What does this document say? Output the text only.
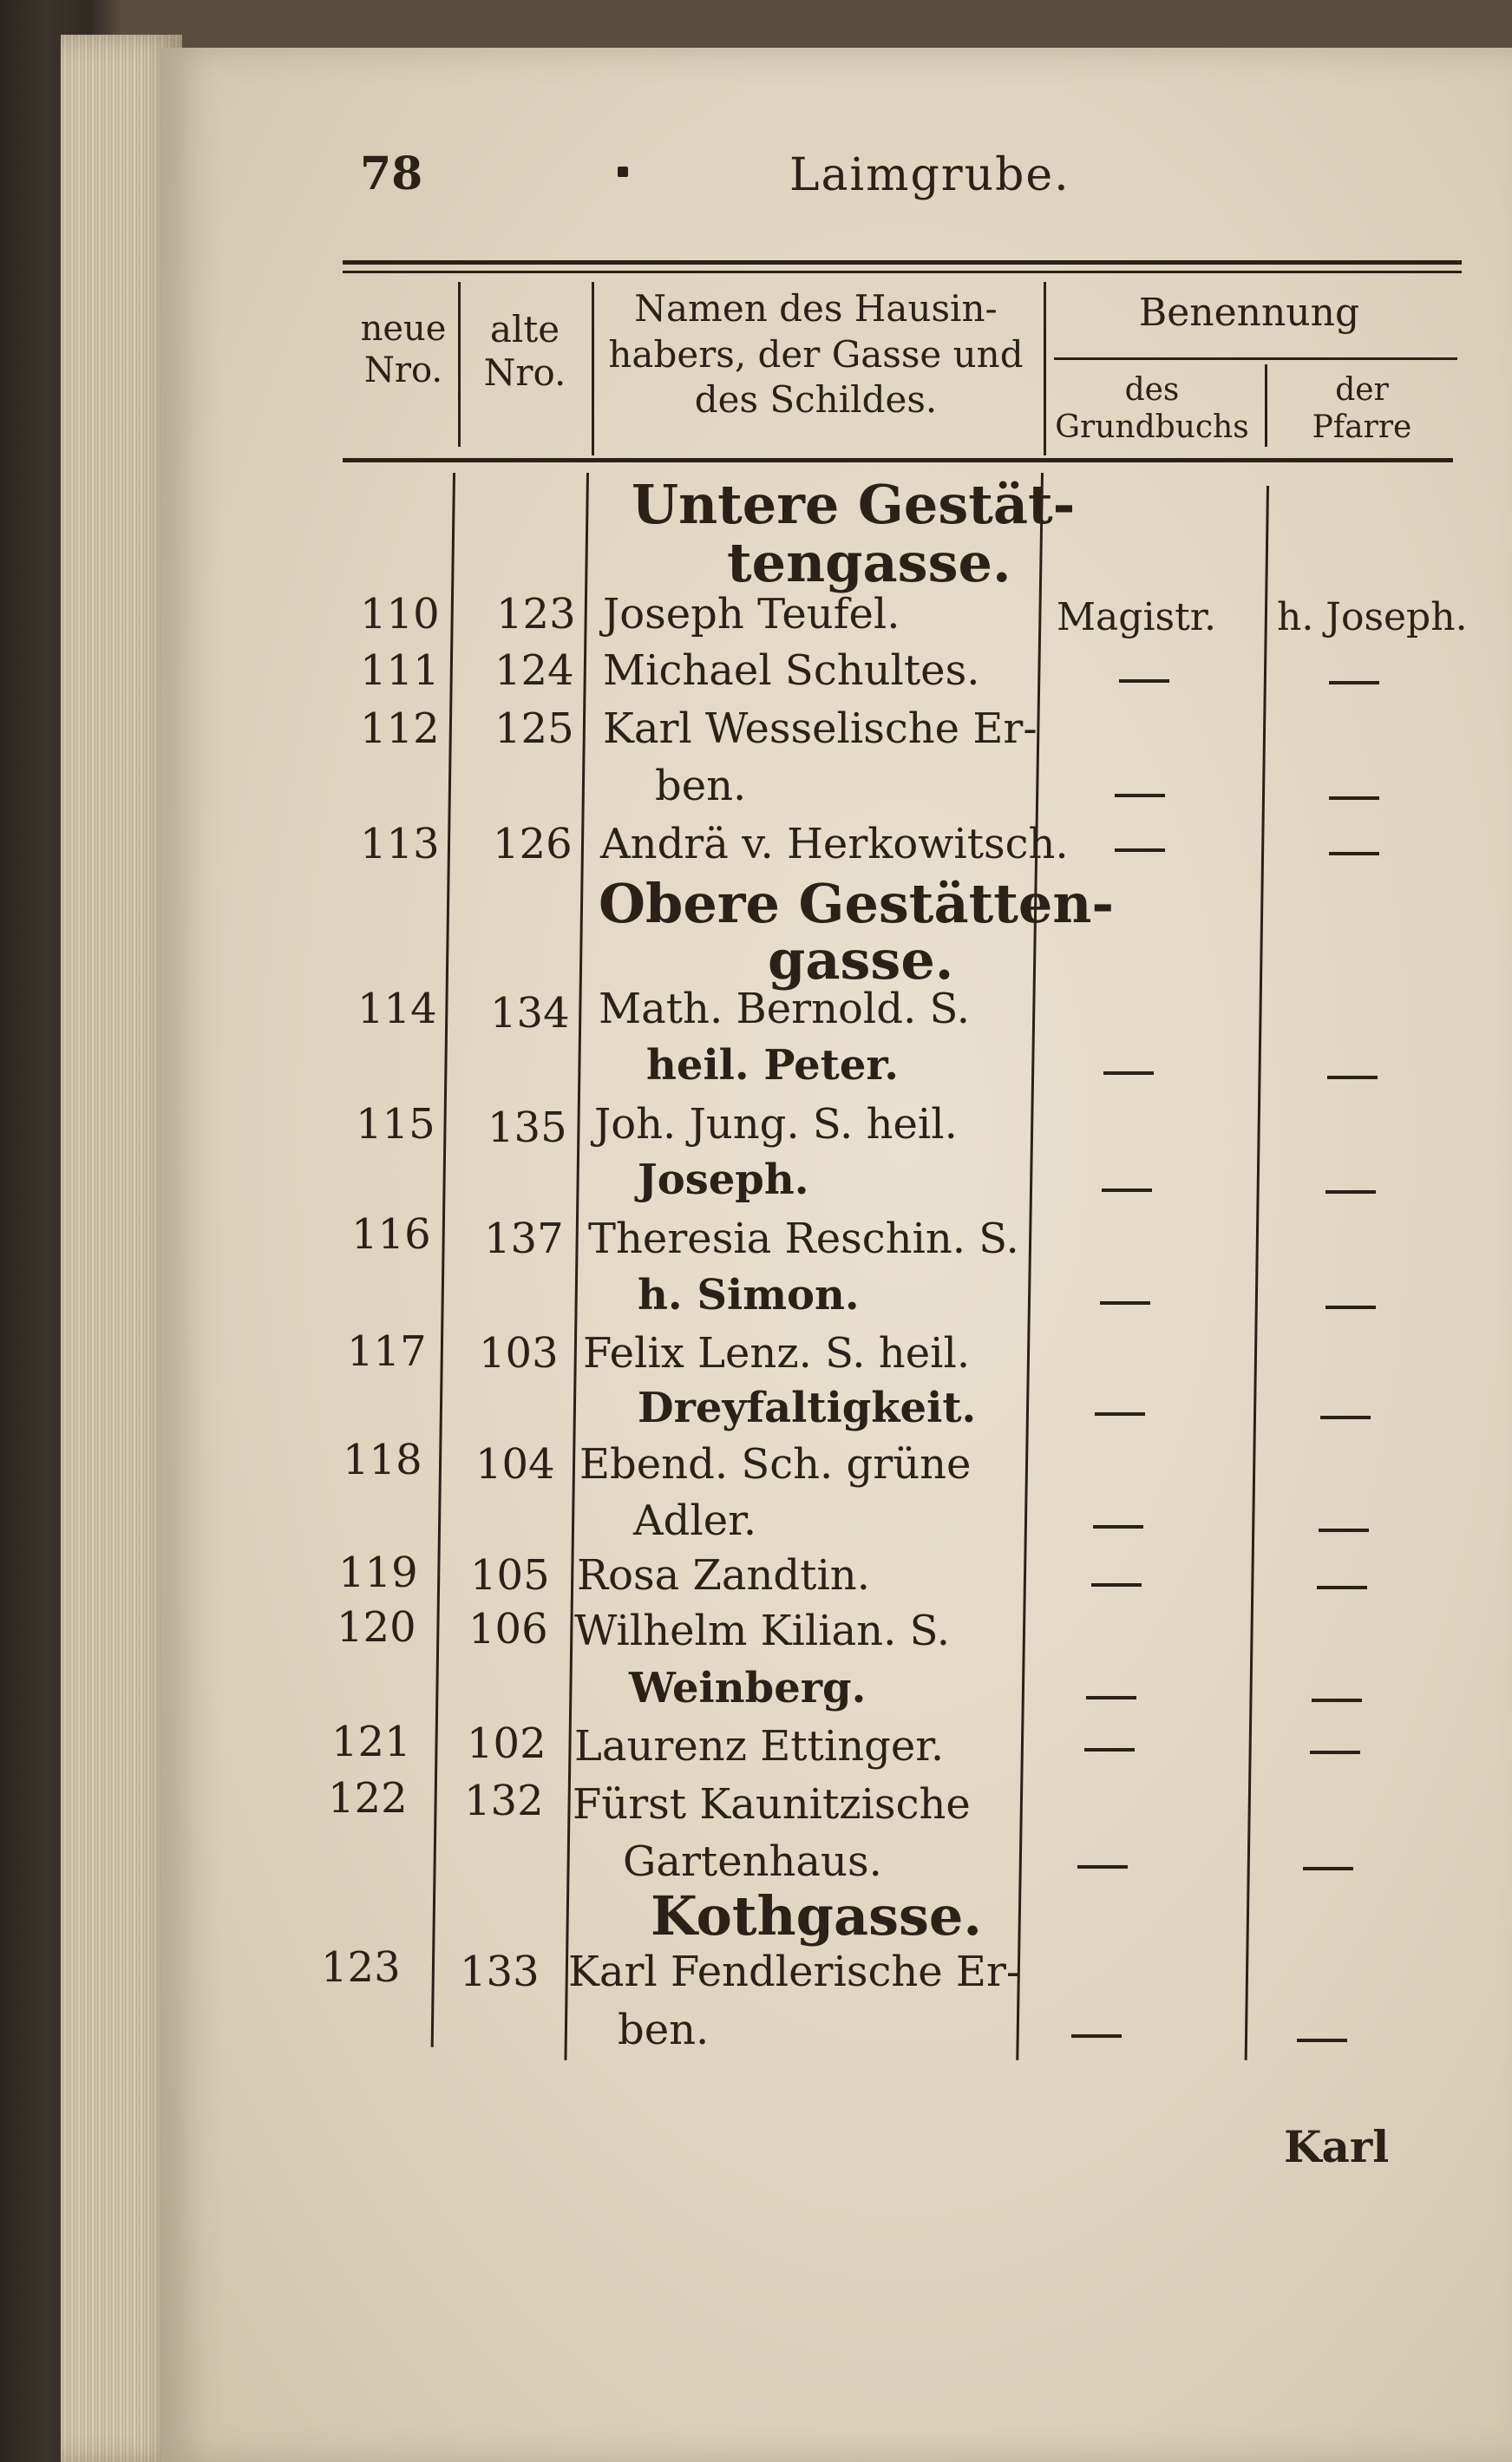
78	Laimgrube.
neue
Nro.
alte
Nro.
Namen des Hausin-
habers, der Gasse und
des Schildes.
Benennung
des
Grundbuchs
der
Pfarre
Untere Gestät-
tengasse.
110 123 Joseph Teufel.	Magistr. h. Joseph.
111 124 Michael Schultes.
112 125 Karl Wesselische Er-
ben.
113 126 Andrä v. Herkowitsch.
Obere Gestätten-
gasse.
114 134 Math. Bernold. S.
heil. Peter.
115 135 Joh. Jung. S. heil.
Joseph.
116 137 Theresia Reschin. S.
h. Simon.
117 103 Felix Lenz. S. heil.
Dreyfaltigkeit.
118 104 Ebend. Sch. grüne
Adler.
119 105 Rosa Zandtin.
120 106 Wilhelm Kilian. S.
Weinberg.
121 102 Laurenz Ettinger.
122 132 Fürst Kaunitzische
Gartenhaus.
Kothgasse.
123 133 Karl Fendlerische Er-
ben.
Karl
